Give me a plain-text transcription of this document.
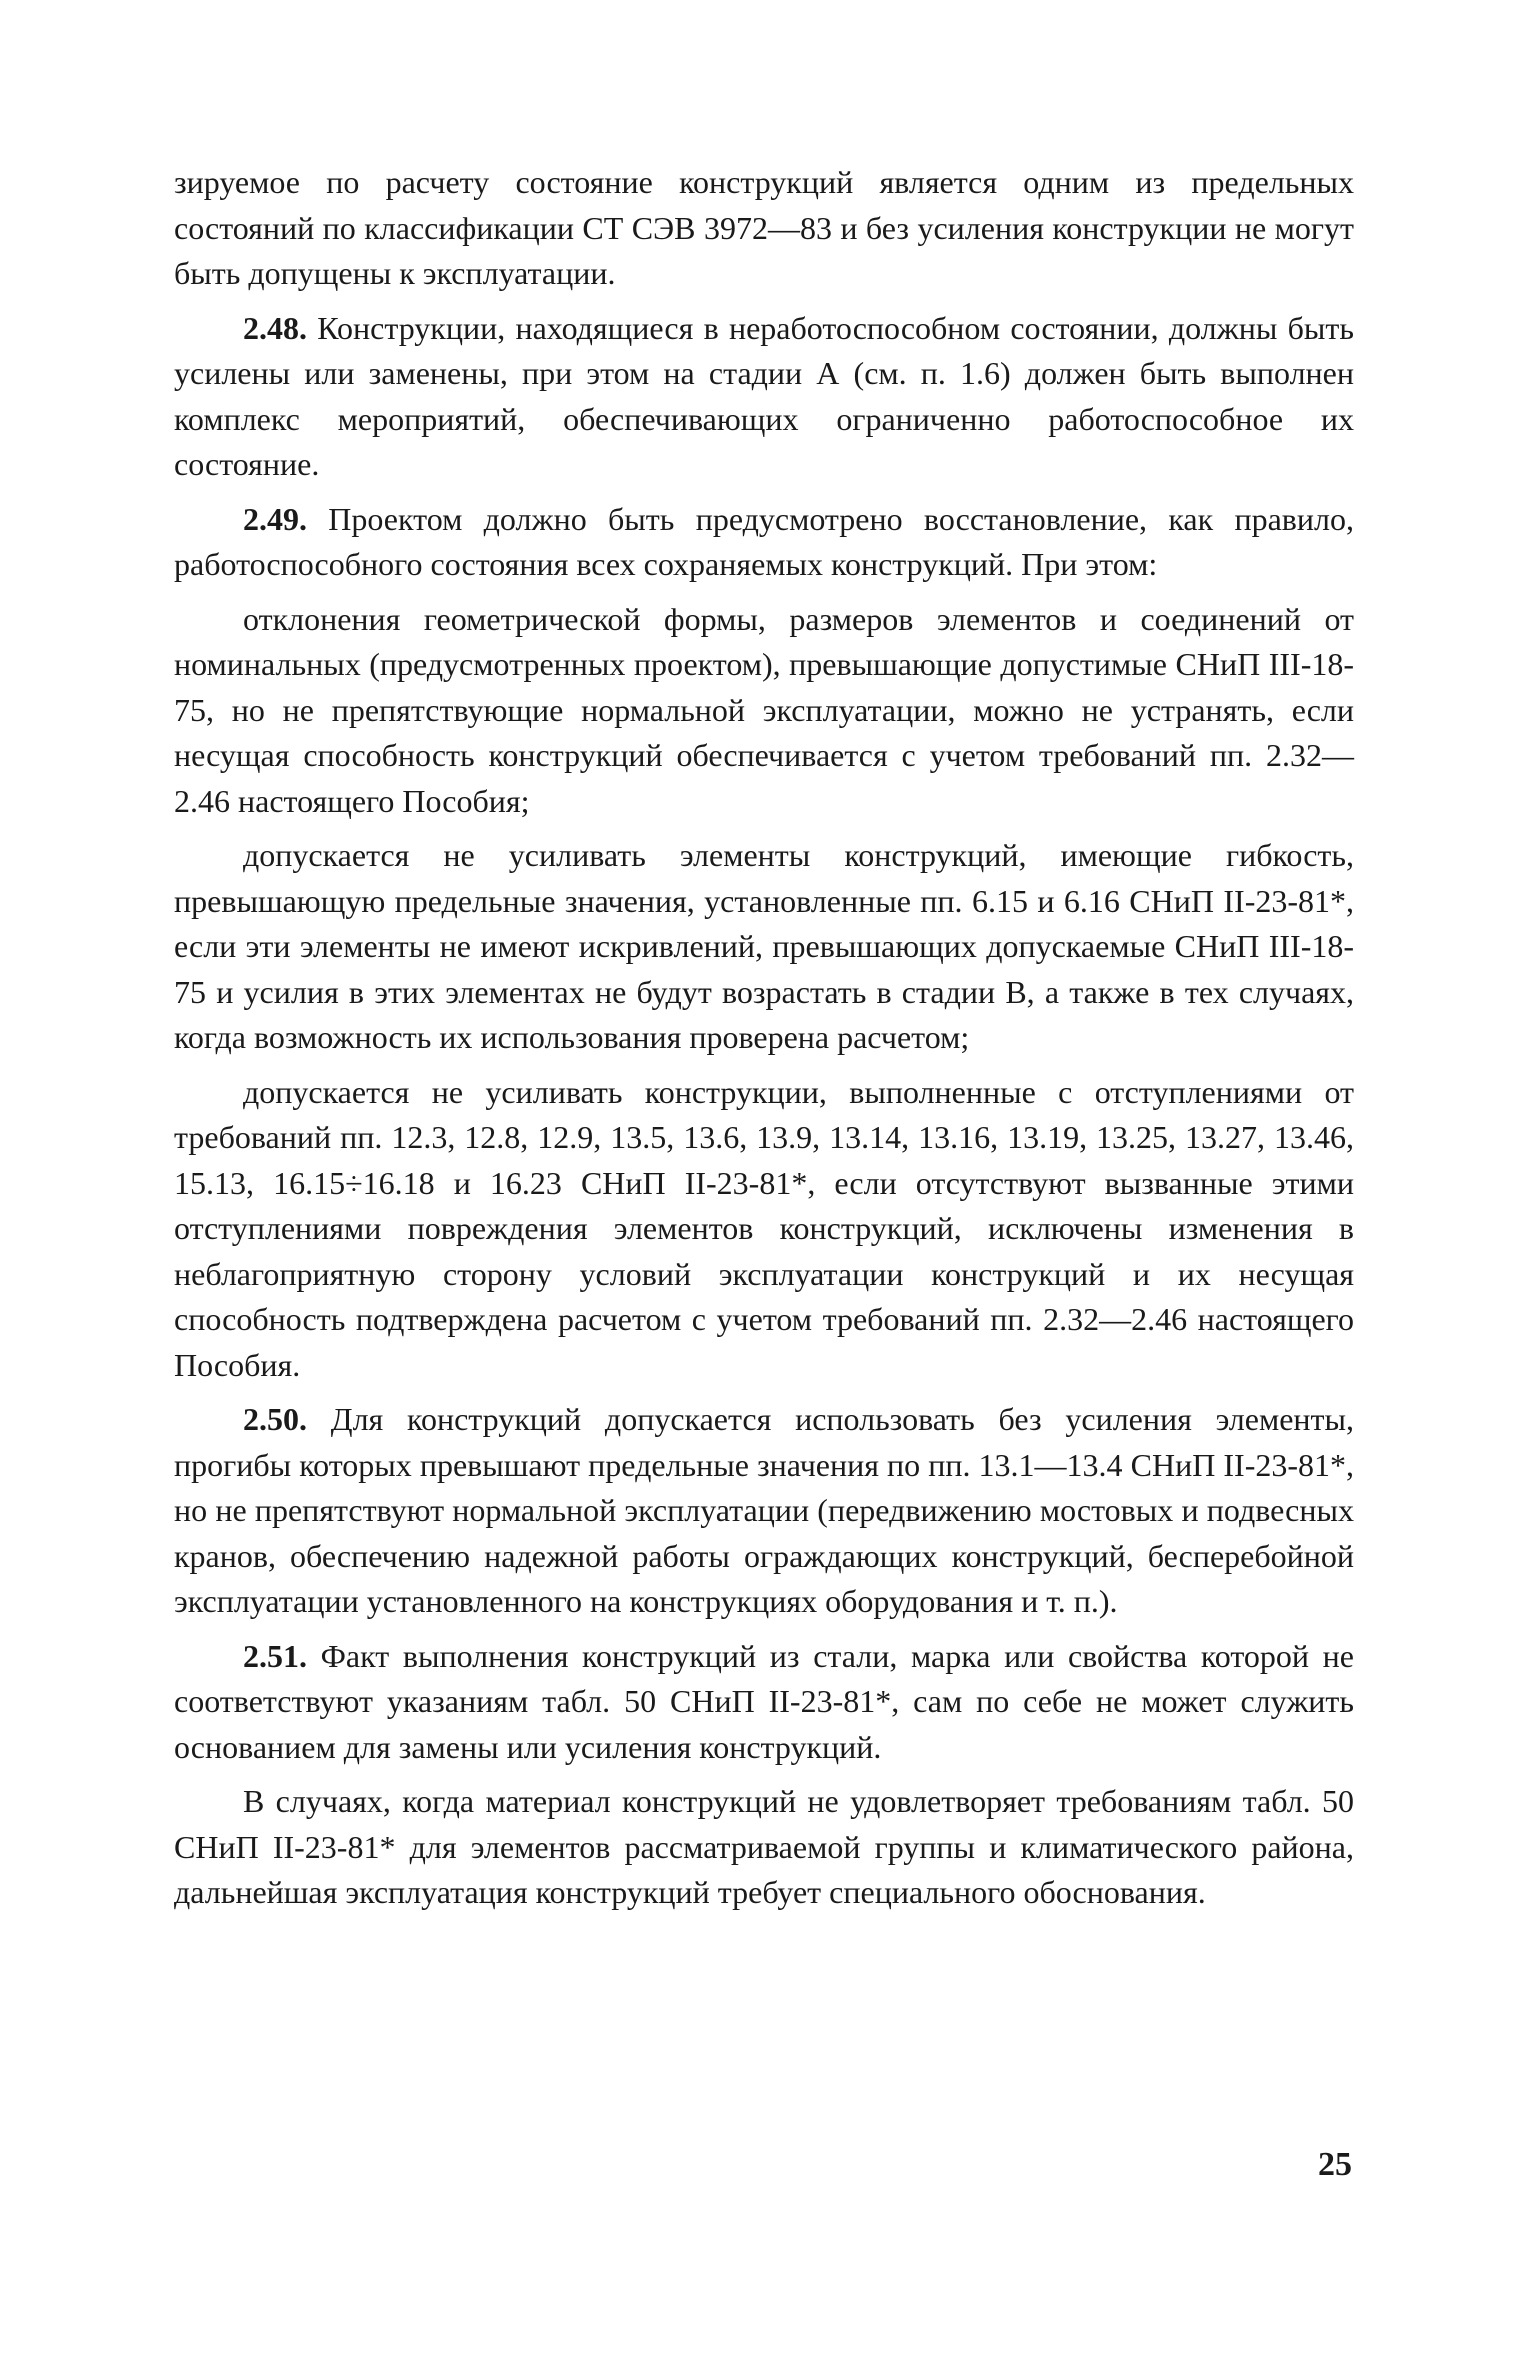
зируемое по расчету состояние конструкций является одним из предельных состояний по классификации СТ СЭВ 3972—83 и без усиления конструкции не могут быть допущены к эксплуатации.

2.48. Конструкции, находящиеся в неработоспособном состоянии, должны быть усилены или заменены, при этом на стадии А (см. п. 1.6) должен быть выполнен комплекс мероприятий, обеспечивающих ограниченно работоспособное их состояние.

2.49. Проектом должно быть предусмотрено восстановление, как правило, работоспособного состояния всех сохраняемых конструкций. При этом:

отклонения геометрической формы, размеров элементов и соединений от номинальных (предусмотренных проектом), превышающие допустимые СНиП III-18-75, но не препятствующие нормальной эксплуатации, можно не устранять, если несущая способность конструкций обеспечивается с учетом требований пп. 2.32—2.46 настоящего Пособия;

допускается не усиливать элементы конструкций, имеющие гибкость, превышающую предельные значения, установленные пп. 6.15 и 6.16 СНиП II-23-81*, если эти элементы не имеют искривлений, превышающих допускаемые СНиП III-18-75 и усилия в этих элементах не будут возрастать в стадии В, а также в тех случаях, когда возможность их использования проверена расчетом;

допускается не усиливать конструкции, выполненные с отступлениями от требований пп. 12.3, 12.8, 12.9, 13.5, 13.6, 13.9, 13.14, 13.16, 13.19, 13.25, 13.27, 13.46, 15.13, 16.15÷16.18 и 16.23 СНиП II-23-81*, если отсутствуют вызванные этими отступлениями повреждения элементов конструкций, исключены изменения в неблагоприятную сторону условий эксплуатации конструкций и их несущая способность подтверждена расчетом с учетом требований пп. 2.32—2.46 настоящего Пособия.

2.50. Для конструкций допускается использовать без усиления элементы, прогибы которых превышают предельные значения по пп. 13.1—13.4 СНиП II-23-81*, но не препятствуют нормальной эксплуатации (передвижению мостовых и подвесных кранов, обеспечению надежной работы ограждающих конструкций, бесперебойной эксплуатации установленного на конструкциях оборудования и т. п.).

2.51. Факт выполнения конструкций из стали, марка или свойства которой не соответствуют указаниям табл. 50 СНиП II-23-81*, сам по себе не может служить основанием для замены или усиления конструкций.

В случаях, когда материал конструкций не удовлетворяет требованиям табл. 50 СНиП II-23-81* для элементов рассматриваемой группы и климатического района, дальнейшая эксплуатация конструкций требует специального обоснования.

25
